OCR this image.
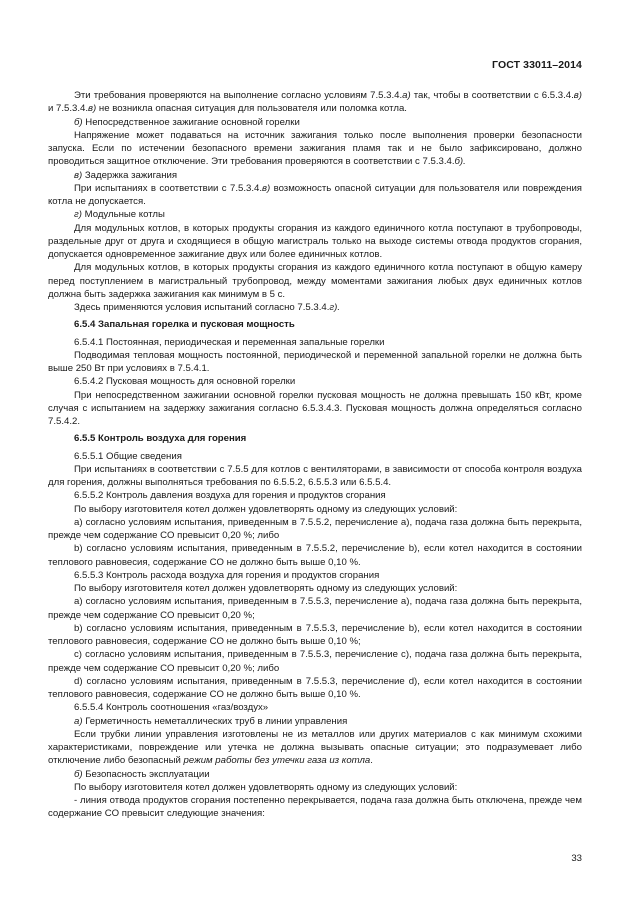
ГОСТ 33011–2014

Эти требования проверяются на выполнение согласно условиям 7.5.3.4.а) так, чтобы в соответствии с 6.5.3.4.в) и 7.5.3.4.в) не возникла опасная ситуация для пользователя или поломка котла.

б) Непосредственное зажигание основной горелки

Напряжение может подаваться на источник зажигания только после выполнения проверки безопасности запуска. Если по истечении безопасного времени зажигания пламя так и не было зафиксировано, должно проводиться защитное отключение. Эти требования проверяются в соответствии с 7.5.3.4.б).

в) Задержка зажигания

При испытаниях в соответствии с 7.5.3.4.в) возможность опасной ситуации для пользователя или повреждения котла не допускается.

г) Модульные котлы

Для модульных котлов, в которых продукты сгорания из каждого единичного котла поступают в трубопроводы, раздельные друг от друга и сходящиеся в общую магистраль только на выходе системы отвода продуктов сгорания, допускается одновременное зажигание двух или более единичных котлов.

Для модульных котлов, в которых продукты сгорания из каждого единичного котла поступают в общую камеру перед поступлением в магистральный трубопровод, между моментами зажигания любых двух единичных котлов должна быть задержка зажигания как минимум в 5 с.

Здесь применяются условия испытаний согласно 7.5.3.4.г).

6.5.4 Запальная горелка и пусковая мощность

6.5.4.1 Постоянная, периодическая и переменная запальные горелки

Подводимая тепловая мощность постоянной, периодической и переменной запальной горелки не должна быть выше 250 Вт при условиях в 7.5.4.1.

6.5.4.2 Пусковая мощность для основной горелки

При непосредственном зажигании основной горелки пусковая мощность не должна превышать 150 кВт, кроме случая с испытанием на задержку зажигания согласно 6.5.3.4.3. Пусковая мощность должна определяться согласно 7.5.4.2.

6.5.5 Контроль воздуха для горения

6.5.5.1 Общие сведения

При испытаниях в соответствии с 7.5.5 для котлов с вентиляторами, в зависимости от способа контроля воздуха для горения, должны выполняться требования по 6.5.5.2, 6.5.5.3 или 6.5.5.4.

6.5.5.2 Контроль давления воздуха для горения и продуктов сгорания

По выбору изготовителя котел должен удовлетворять одному из следующих условий:

a) согласно условиям испытания, приведенным в 7.5.5.2, перечисление a), подача газа должна быть перекрыта, прежде чем содержание CO превысит 0,20 %; либо

b) согласно условиям испытания, приведенным в 7.5.5.2, перечисление b), если котел находится в состоянии теплового равновесия, содержание CO не должно быть выше 0,10 %.

6.5.5.3 Контроль расхода воздуха для горения и продуктов сгорания

По выбору изготовителя котел должен удовлетворять одному из следующих условий:

a) согласно условиям испытания, приведенным в 7.5.5.3, перечисление a), подача газа должна быть перекрыта, прежде чем содержание CO превысит 0,20 %;

b) согласно условиям испытания, приведенным в 7.5.5.3, перечисление b), если котел находится в состоянии теплового равновесия, содержание CO не должно быть выше 0,10 %;

c) согласно условиям испытания, приведенным в 7.5.5.3, перечисление c), подача газа должна быть перекрыта, прежде чем содержание CO превысит 0,20 %; либо

d) согласно условиям испытания, приведенным в 7.5.5.3, перечисление d), если котел находится в состоянии теплового равновесия, содержание CO не должно быть выше 0,10 %.

6.5.5.4 Контроль соотношения «газ/воздух»

а) Герметичность неметаллических труб в линии управления

Если трубки линии управления изготовлены не из металлов или других материалов с как минимум схожими характеристиками, повреждение или утечка не должна вызывать опасные ситуации; это подразумевает либо отключение либо безопасный режим работы без утечки газа из котла.

б) Безопасность эксплуатации

По выбору изготовителя котел должен удовлетворять одному из следующих условий:

- линия отвода продуктов сгорания постепенно перекрывается, подача газа должна быть отключена, прежде чем содержание CO превысит следующие значения:

33
